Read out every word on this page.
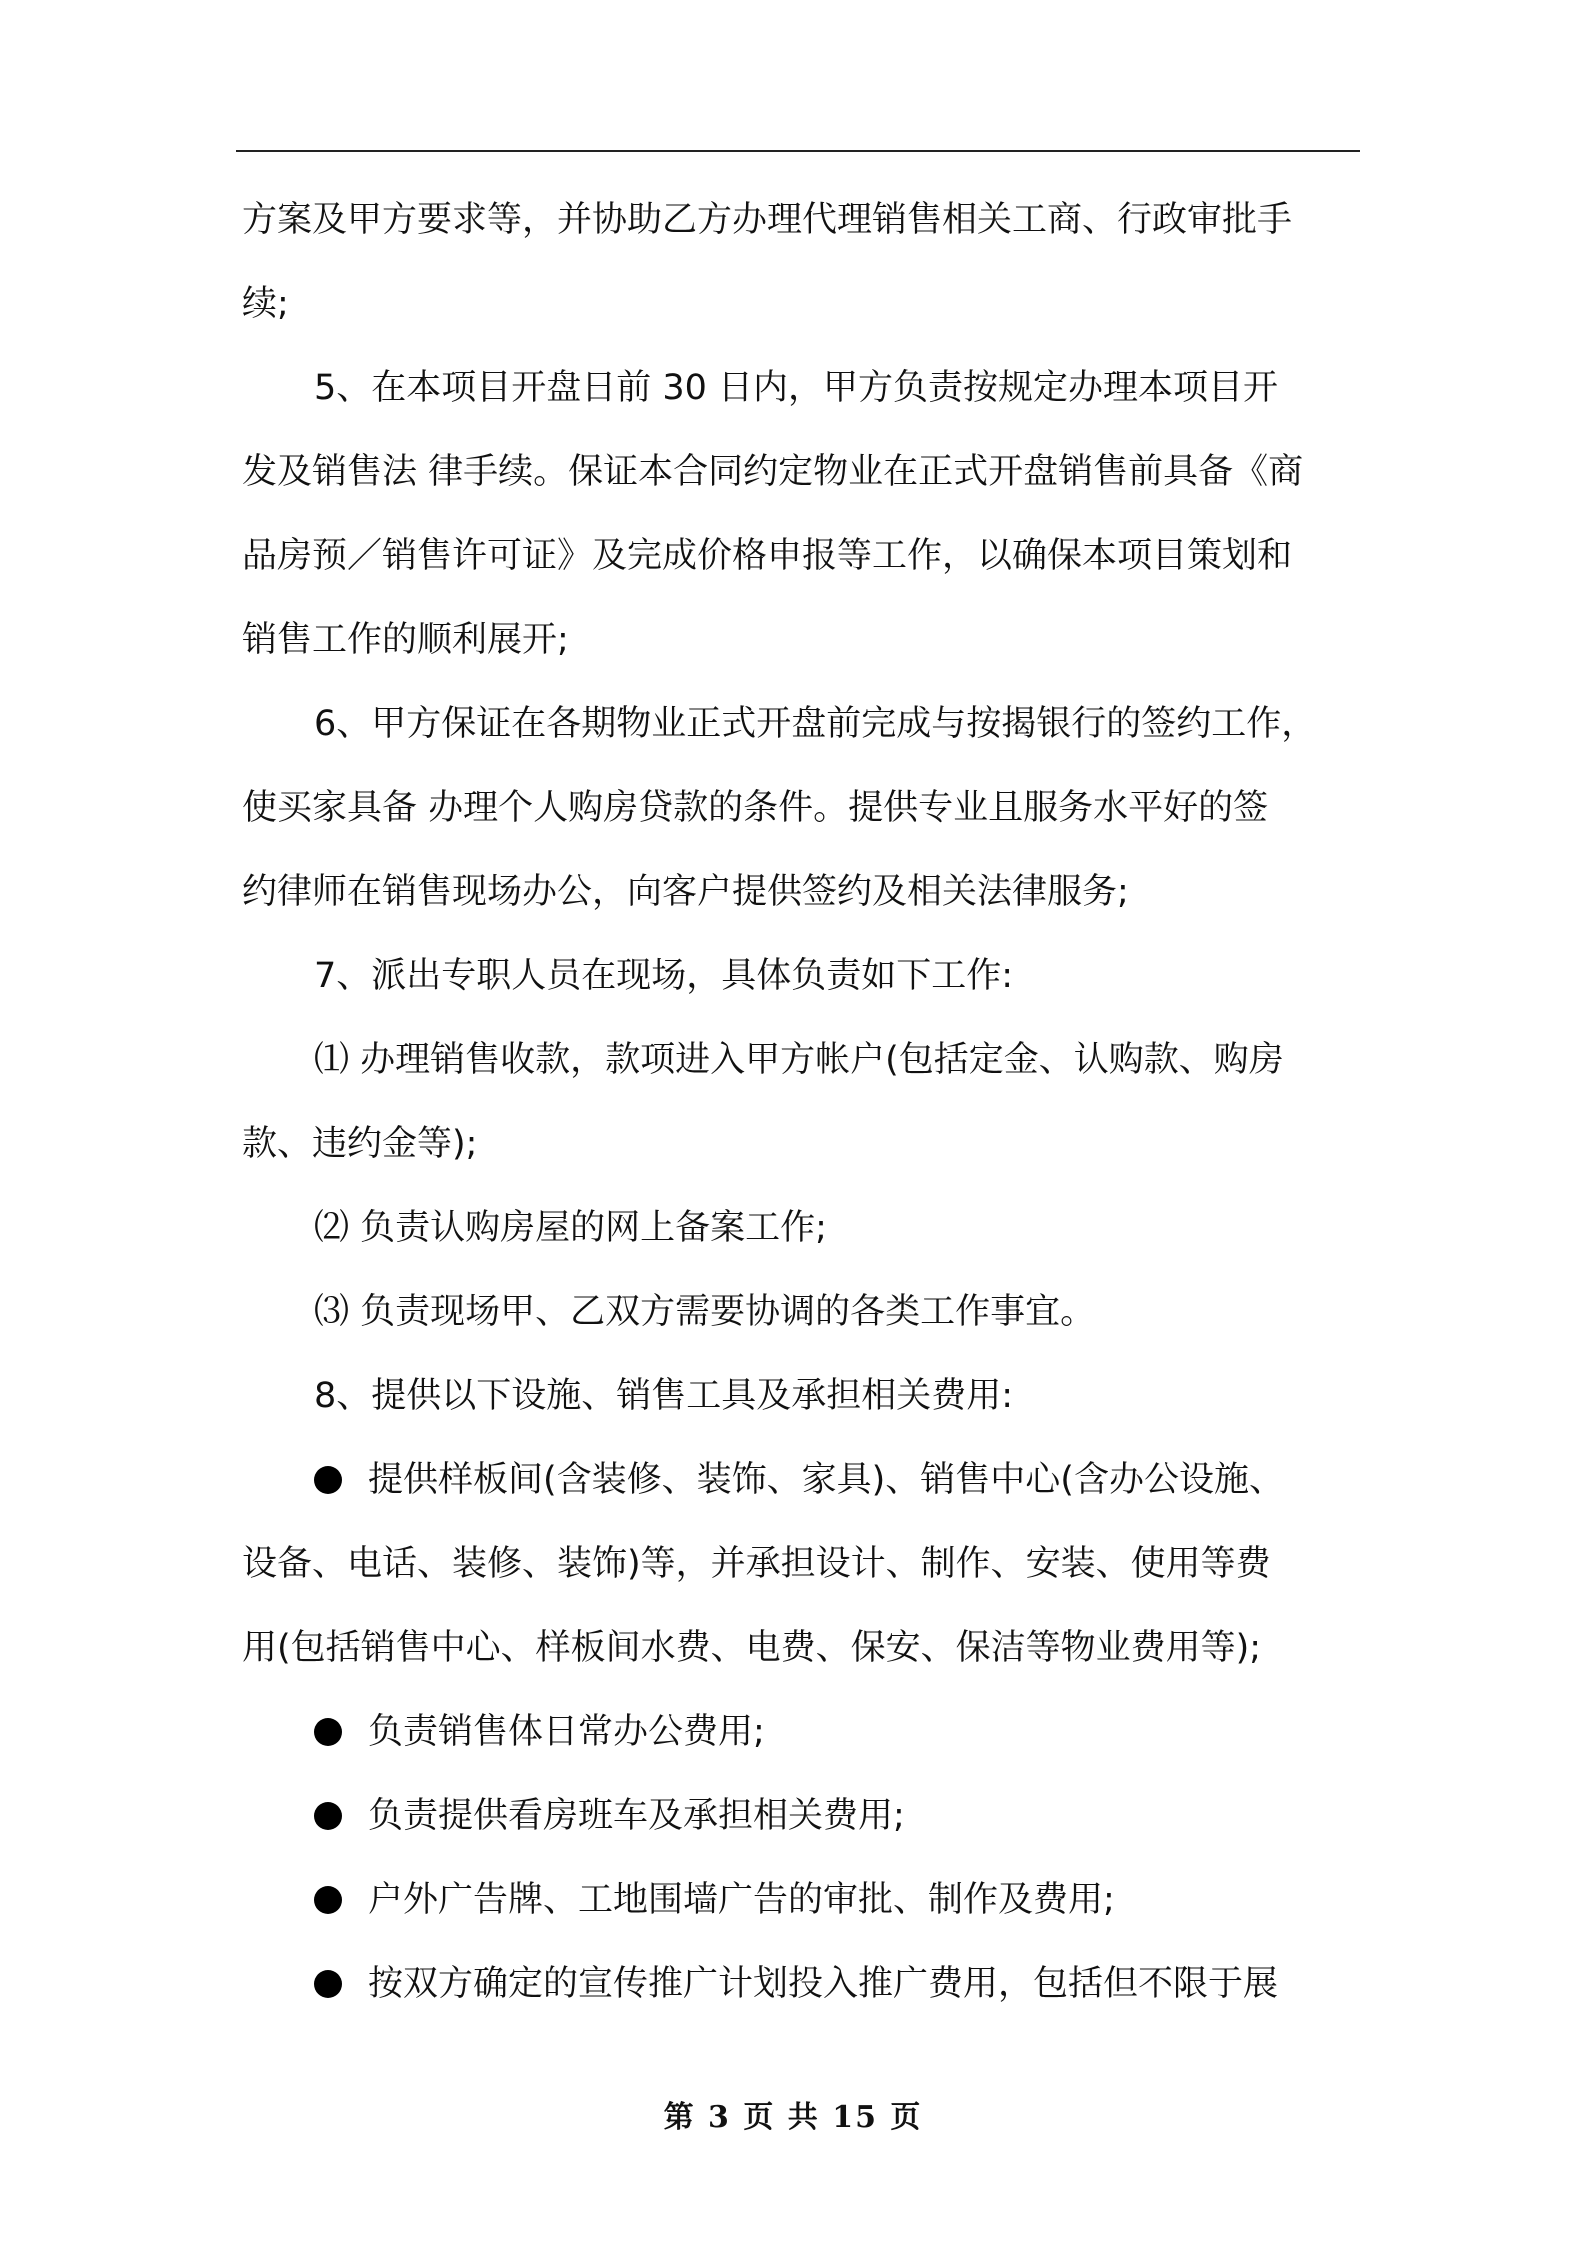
方案及甲方要求等，并协助乙方办理代理销售相关工商、行政审批手
续;
5、在本项目开盘日前 30 日内，甲方负责按规定办理本项目开
发及销售法 律手续。保证本合同约定物业在正式开盘销售前具备《商
品房预／销售许可证》及完成价格申报等工作，以确保本项目策划和
销售工作的顺利展开;
6、甲方保证在各期物业正式开盘前完成与按揭银行的签约工作，
使买家具备 办理个人购房贷款的条件。提供专业且服务水平好的签
约律师在销售现场办公，向客户提供签约及相关法律服务;
7、派出专职人员在现场，具体负责如下工作:
⑴ 办理销售收款，款项进入甲方帐户(包括定金、认购款、购房
款、违约金等);
⑵ 负责认购房屋的网上备案工作;
⑶ 负责现场甲、乙双方需要协调的各类工作事宜。
8、提供以下设施、销售工具及承担相关费用:
提供样板间(含装修、装饰、家具)、销售中心(含办公设施、
设备、电话、装修、装饰)等，并承担设计、制作、安装、使用等费
用(包括销售中心、样板间水费、电费、保安、保洁等物业费用等);
负责销售体日常办公费用;
负责提供看房班车及承担相关费用;
户外广告牌、工地围墙广告的审批、制作及费用;
按双方确定的宣传推广计划投入推广费用，包括但不限于展
第 3 页 共 15 页
